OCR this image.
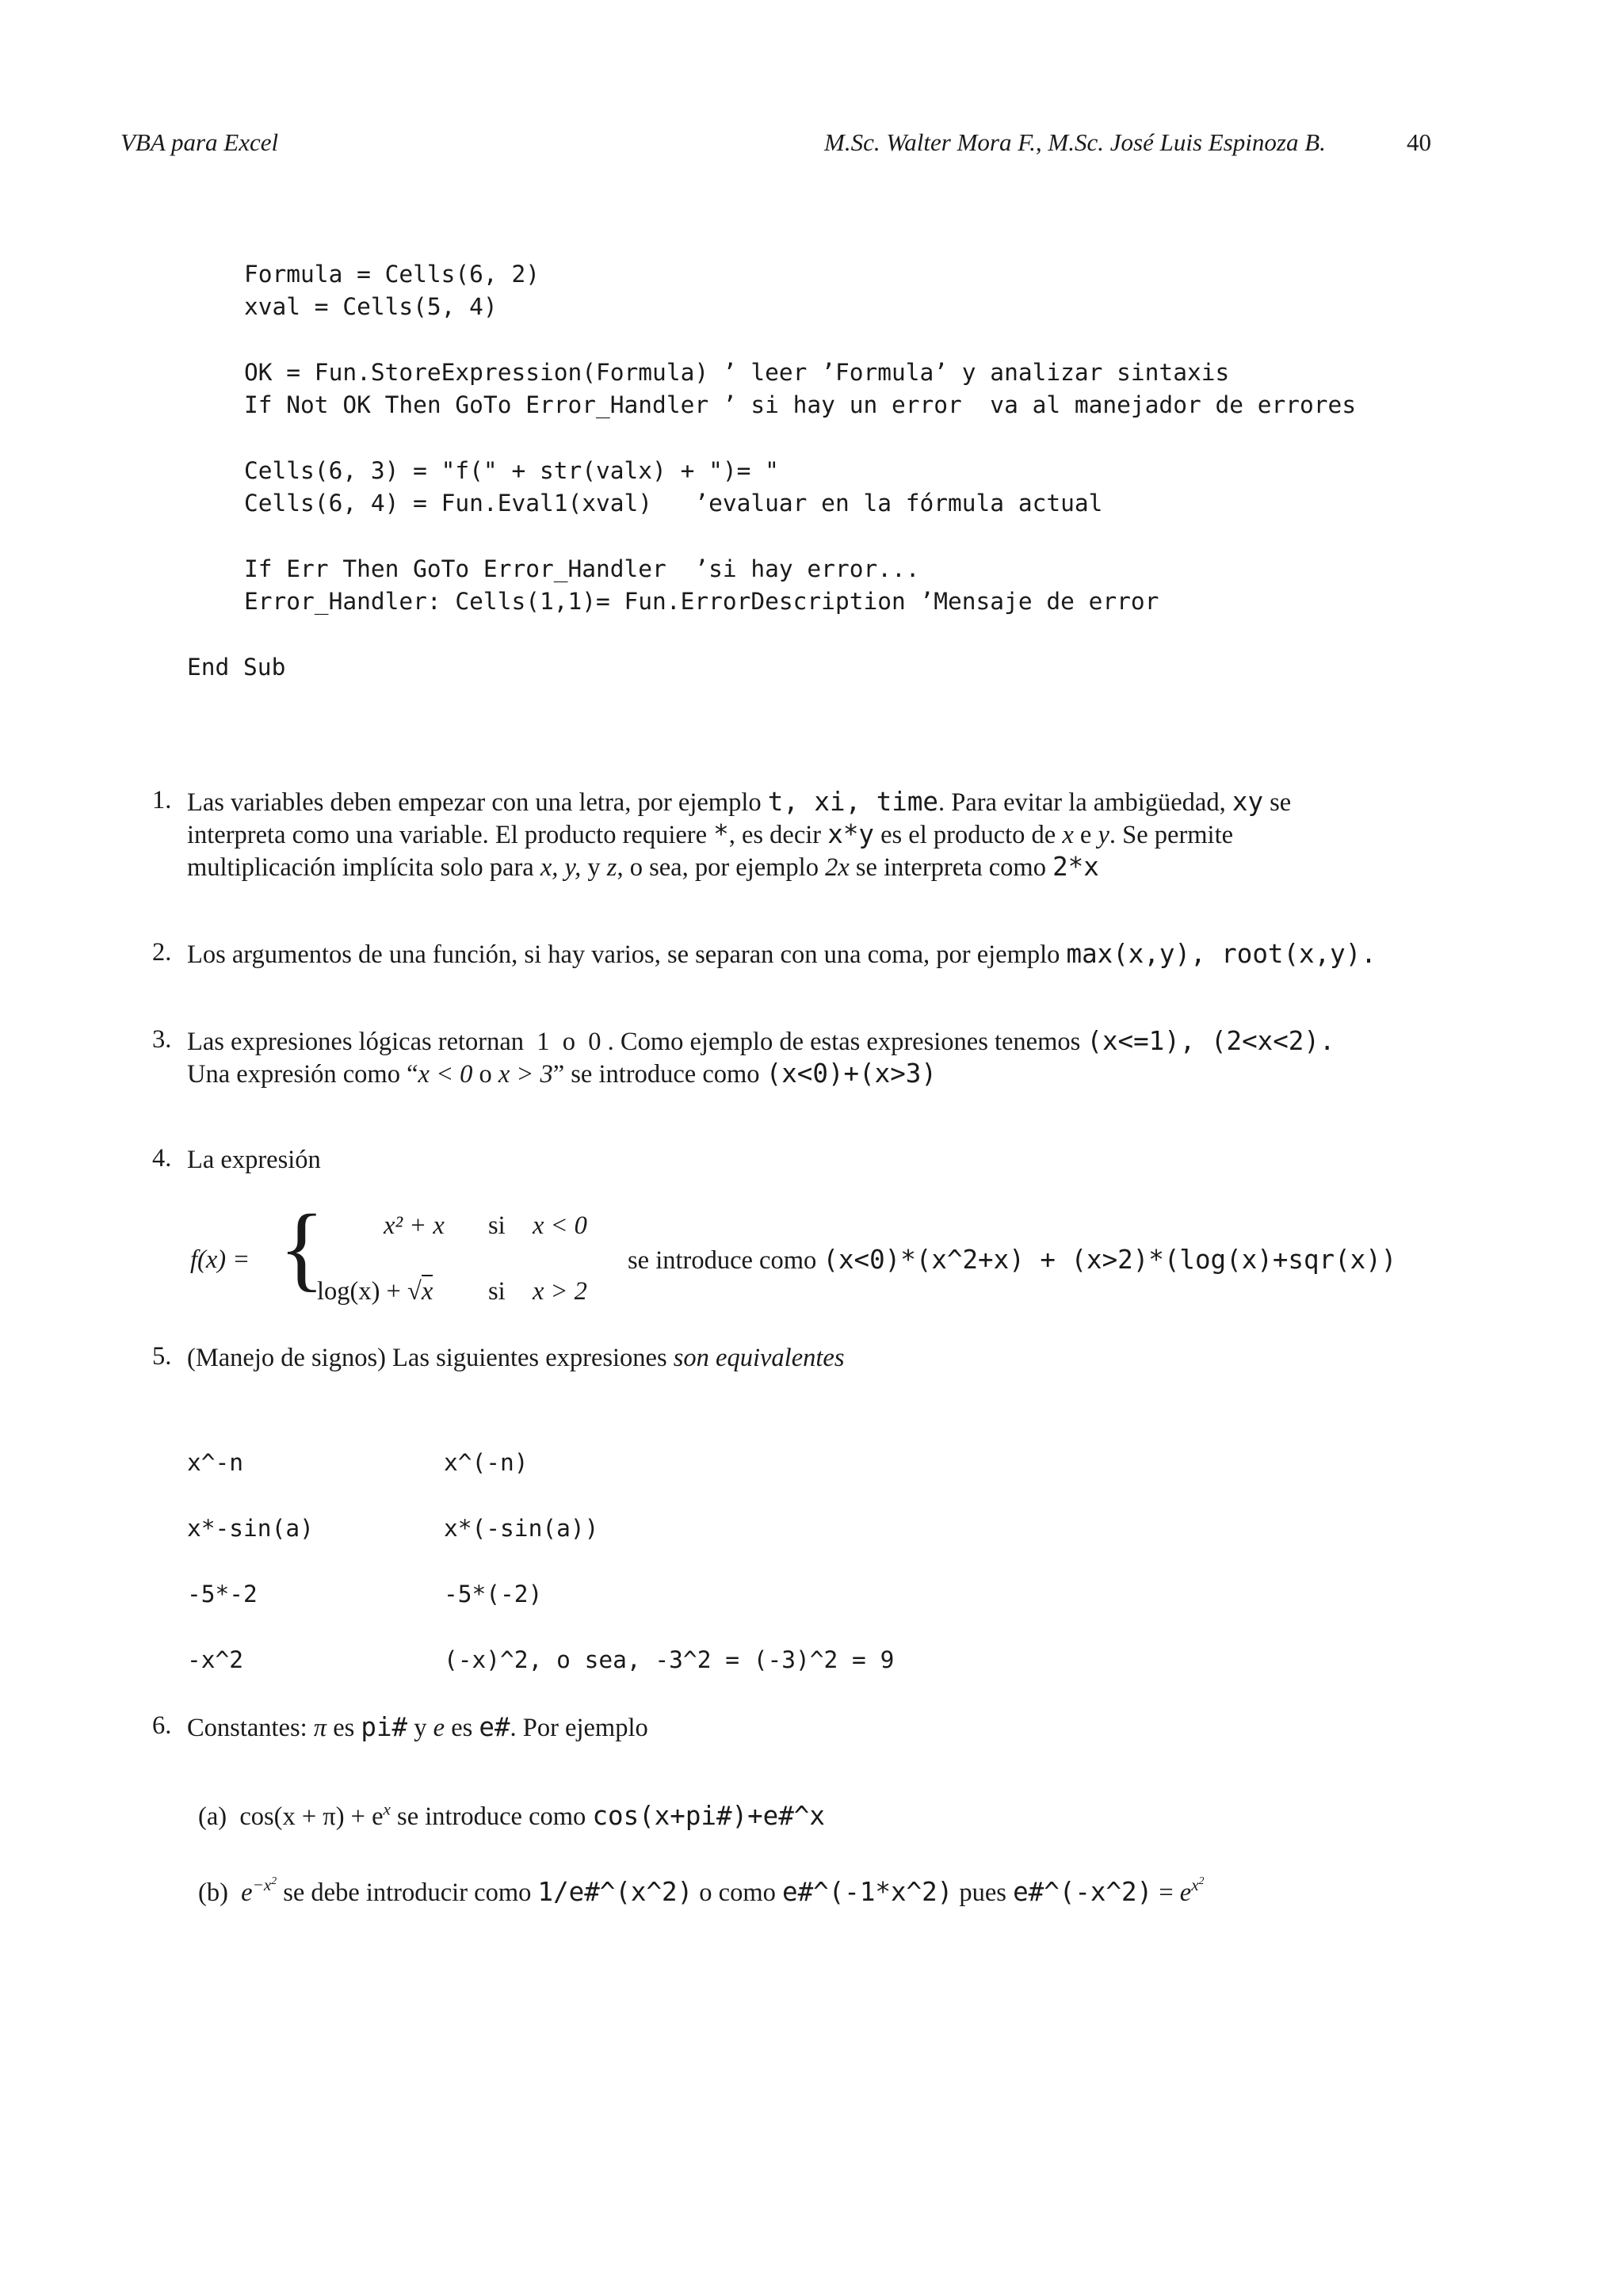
VBA para Excel	M.Sc. Walter Mora F., M.Sc. José Luis Espinoza B.	40
Formula = Cells(6, 2)
xval = Cells(5, 4)
OK = Fun.StoreExpression(Formula) ’ leer ’Formula’ y analizar sintaxis
If Not OK Then GoTo Error_Handler ’ si hay un error  va al manejador de errores
Cells(6, 3) = "f(" + str(valx) + ")= "
Cells(6, 4) = Fun.Eval1(xval)   ’evaluar en la fórmula actual
If Err Then GoTo Error_Handler  ’si hay error...
Error_Handler: Cells(1,1)= Fun.ErrorDescription ’Mensaje de error
End Sub
1. Las variables deben empezar con una letra, por ejemplo t, xi, time. Para evitar la ambigüedad, xy se
interpreta como una variable. El producto requiere *, es decir x*y es el producto de x e y. Se permite
multiplicación implícita solo para x, y, y z, o sea, por ejemplo 2x se interpreta como 2*x
2. Los argumentos de una función, si hay varios, se separan con una coma, por ejemplo max(x,y), root(x,y).
3. Las expresiones lógicas retornan  1  o  0 . Como ejemplo de estas expresiones tenemos (x<=1), (2<x<2).
Una expresión como “x < 0 o x > 3” se introduce como (x<0)+(x>3)
4. La expresión
f(x) = { x² + x si x < 0
log(x) + √x si x > 2
se introduce como (x<0)*(x^2+x) + (x>2)*(log(x)+sqr(x))
5. (Manejo de signos) Las siguientes expresiones son equivalentes
x^-n	x^(-n)
x*-sin(a)	x*(-sin(a))
-5*-2	-5*(-2)
-x^2	(-x)^2, o sea, -3^2 = (-3)^2 = 9
6. Constantes: π es pi# y e es e#. Por ejemplo
(a) $\cos(x + \pi) + e^x$ se introduce como cos(x+pi#)+e#^x
(b) $e^{-x^2}$ se debe introducir como 1/e#^(x^2) o como e#^(-1*x^2) pues e#^(-x^2) = $e^{x^2}$
